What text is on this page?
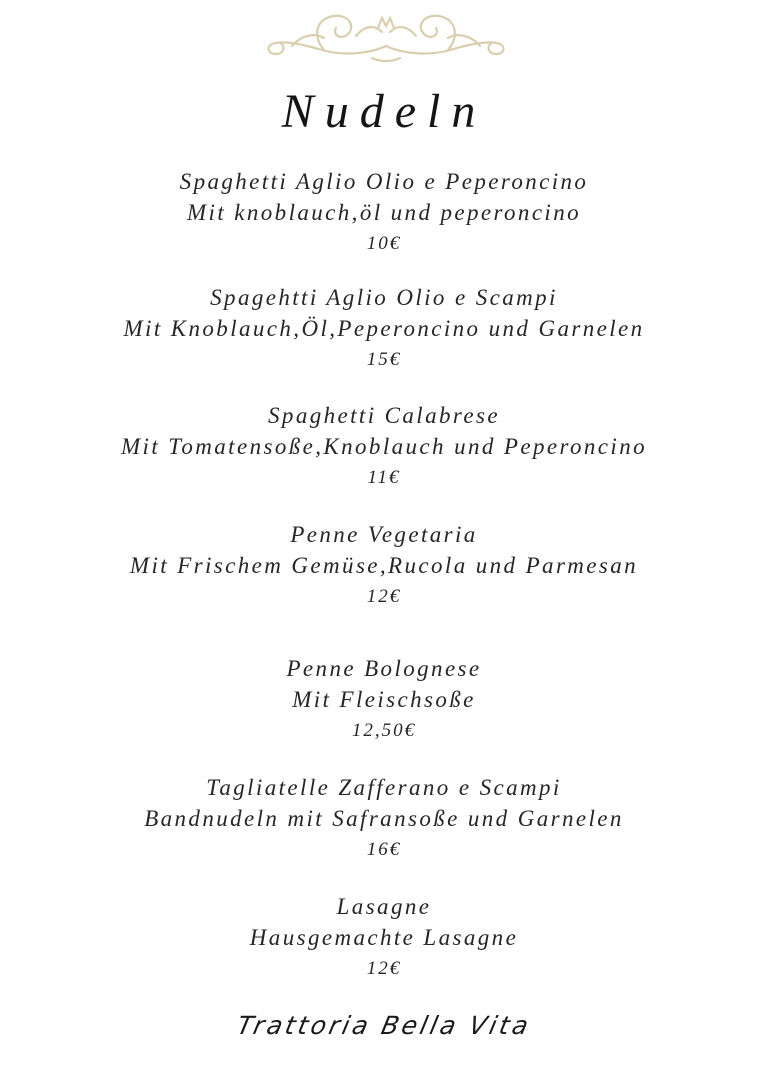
Nudeln
Spaghetti Aglio Olio e Peperoncino
Mit knoblauch,öl und peperoncino
10€
Spagehtti Aglio Olio e Scampi
Mit Knoblauch,Öl,Peperoncino und Garnelen
15€
Spaghetti Calabrese
Mit Tomatensoße,Knoblauch und Peperoncino
11€
Penne Vegetaria
Mit Frischem Gemüse,Rucola und Parmesan
12€
Penne Bolognese
Mit Fleischsoße
12,50€
Tagliatelle Zafferano e Scampi
Bandnudeln mit Safransoße und Garnelen
16€
Lasagne
Hausgemachte Lasagne
12€
Trattoria Bella Vita
